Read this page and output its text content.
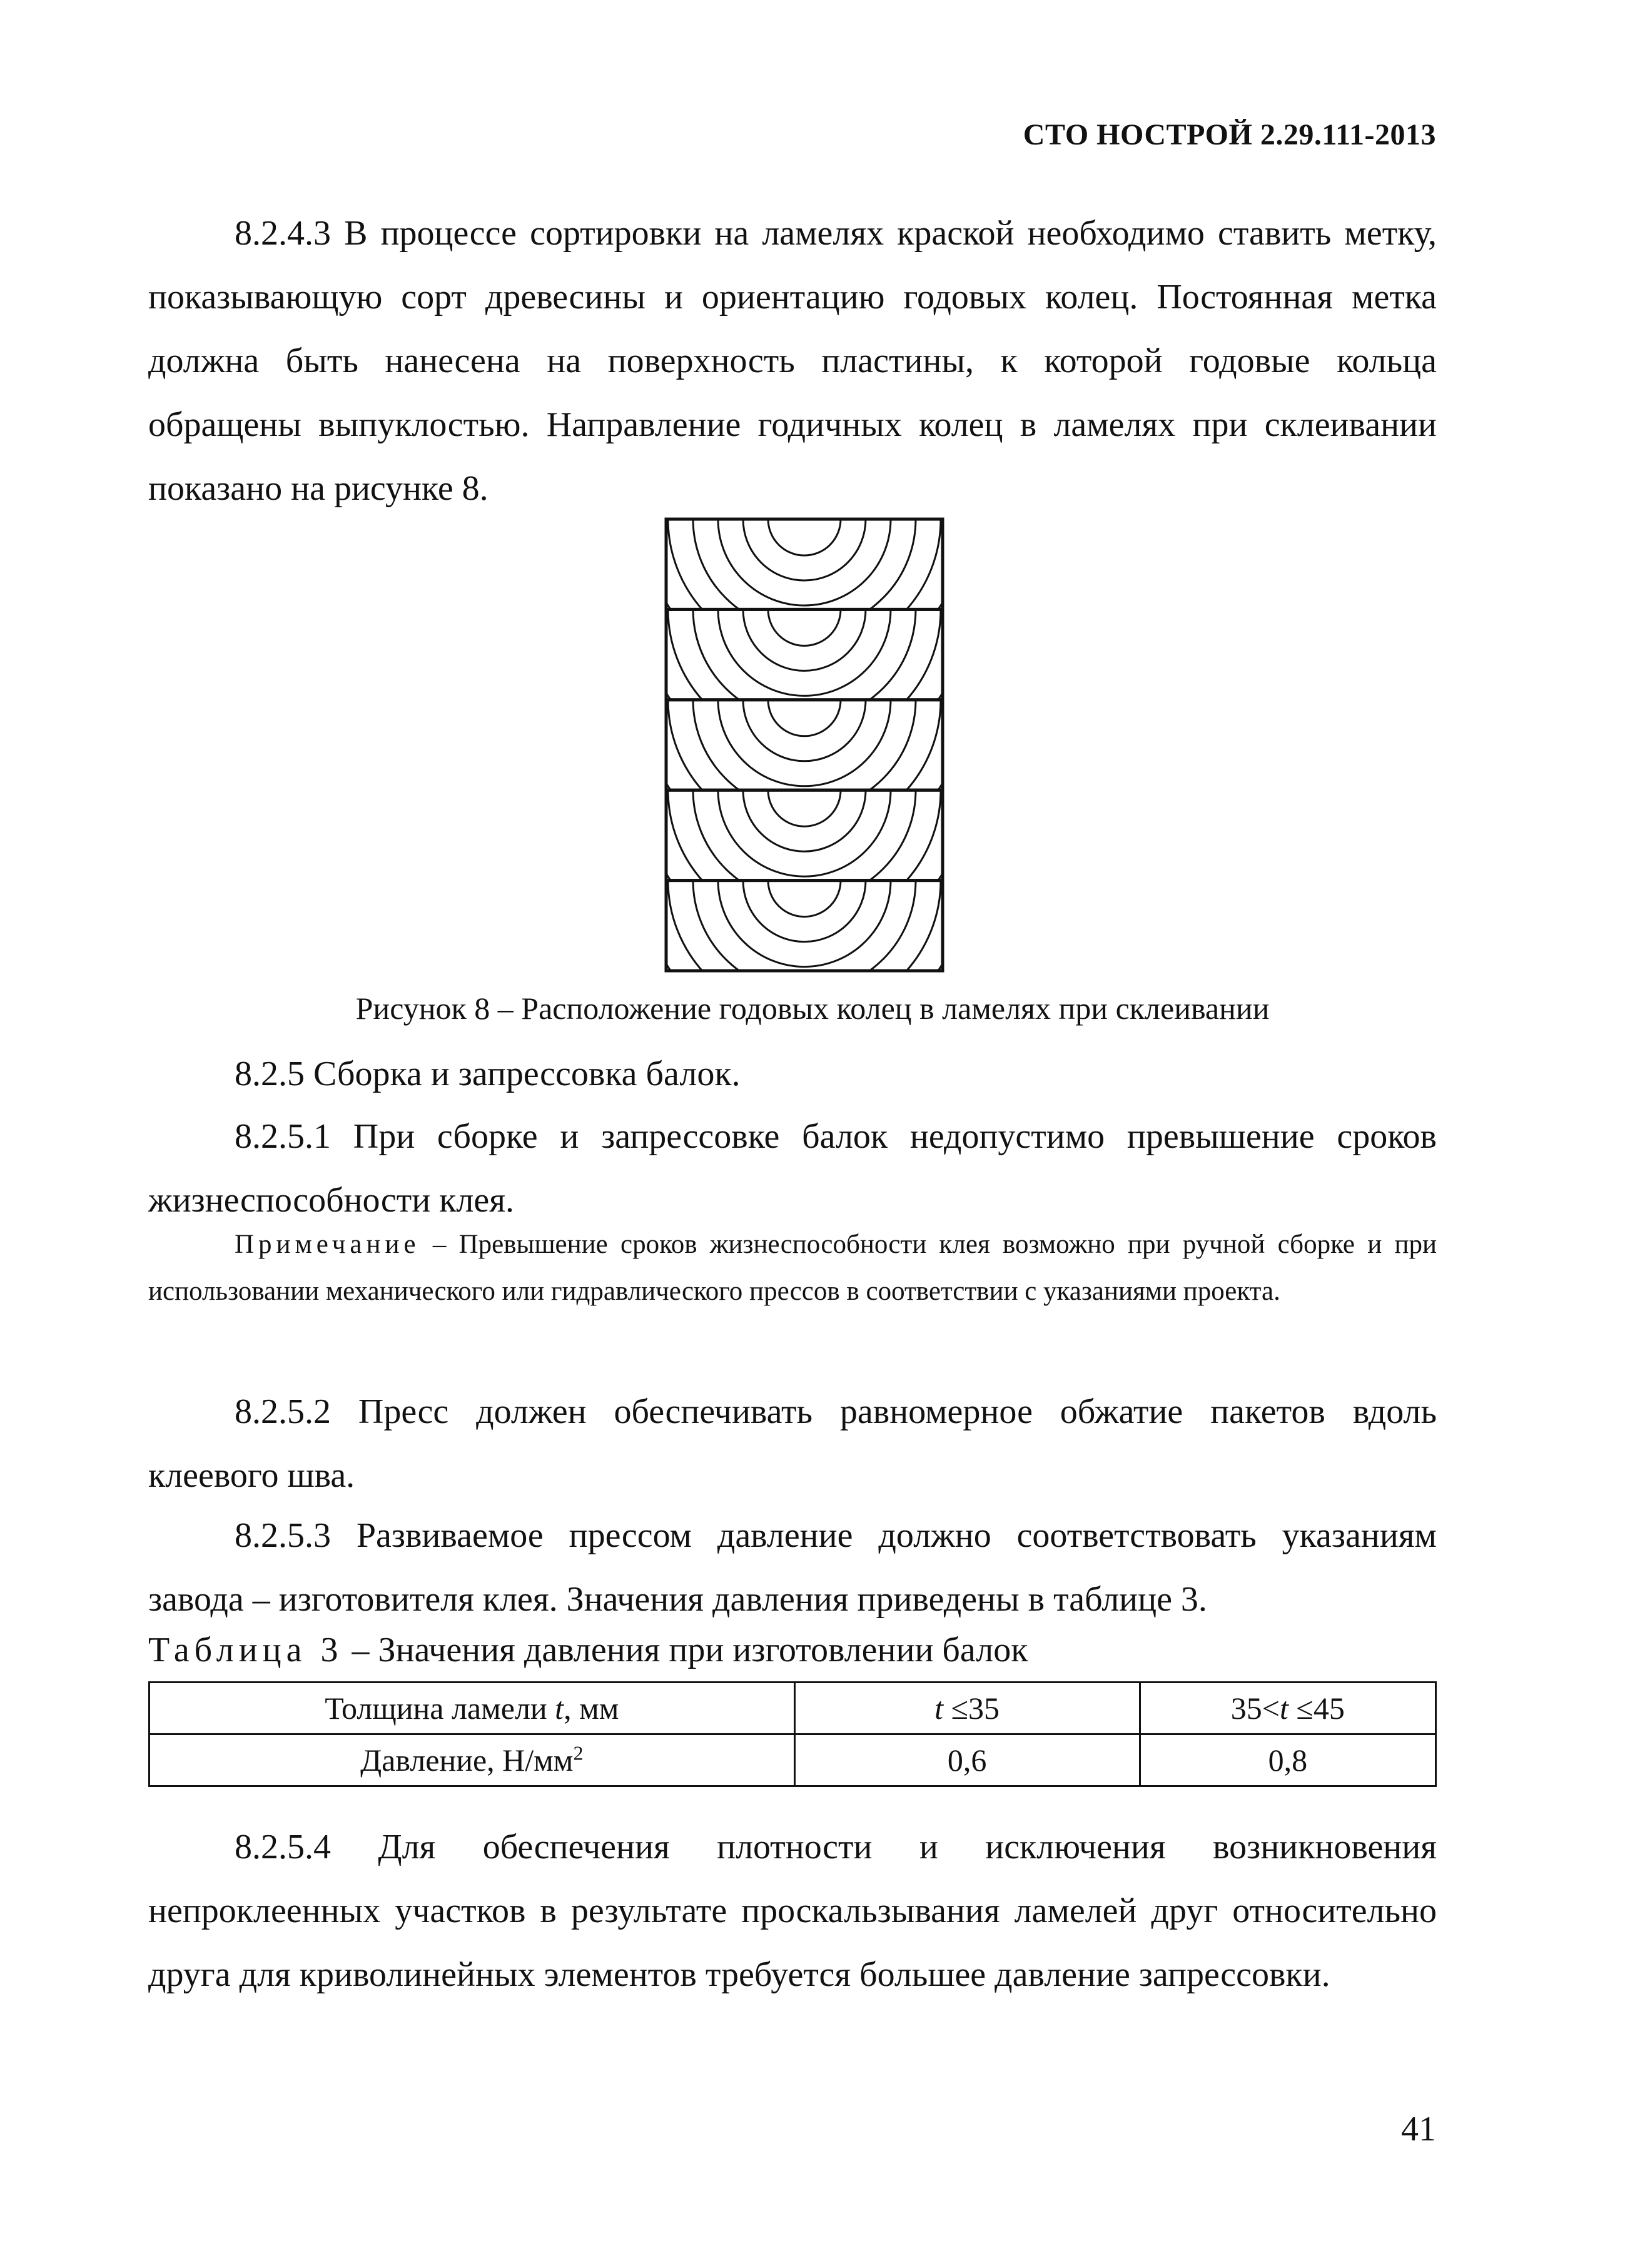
СТО НОСТРОЙ 2.29.111-2013

8.2.4.3 В процессе сортировки на ламелях краской необходимо ставить метку, показывающую сорт древесины и ориентацию годовых колец. Постоянная метка должна быть нанесена на поверхность пластины, к которой годовые кольца обращены выпуклостью. Направление годичных колец в ламелях при склеивании показано на рисунке 8.

Рисунок 8 – Расположение годовых колец в ламелях при склеивании

8.2.5 Сборка и запрессовка балок.

8.2.5.1 При сборке и запрессовке балок недопустимо превышение сроков жизнеспособности клея.

Примечание – Превышение сроков жизнеспособности клея возможно при ручной сборке и при использовании механического или гидравлического прессов в соответствии с указаниями проекта.

8.2.5.2 Пресс должен обеспечивать равномерное обжатие пакетов вдоль клеевого шва.

8.2.5.3 Развиваемое прессом давление должно соответствовать указаниям завода – изготовителя клея. Значения давления приведены в таблице 3.

Таблица 3 – Значения давления при изготовлении балок
Толщина ламели t, мм	t ≤35	35<t ≤45
Давление, $Н/мм^2$	0,6	0,8

8.2.5.4 Для обеспечения плотности и исключения возникновения непроклеенных участков в результате проскальзывания ламелей друг относительно друга для криволинейных элементов требуется большее давление запрессовки.

41
